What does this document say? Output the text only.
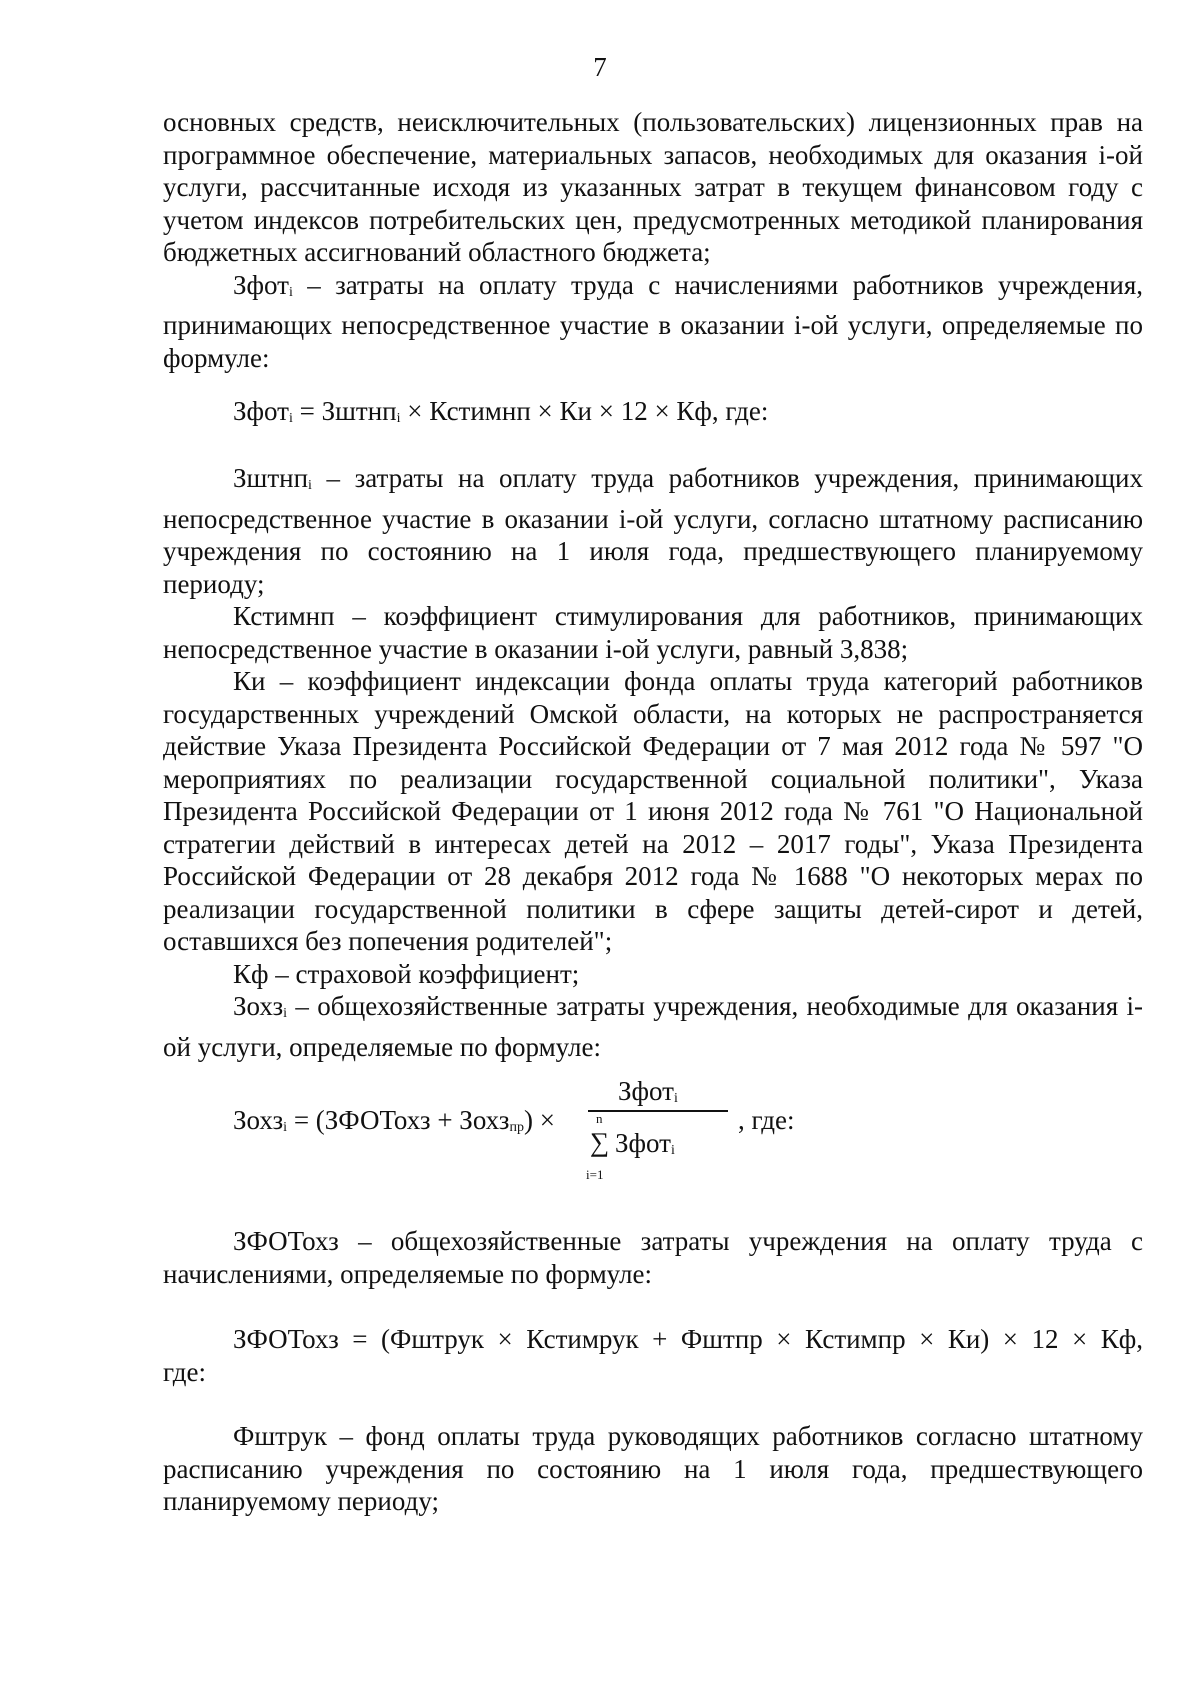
7

основных средств, неисключительных (пользовательских) лицензионных прав на программное обеспечение, материальных запасов, необходимых для оказания i-ой услуги, рассчитанные исходя из указанных затрат в текущем финансовом году с учетом индексов потребительских цен, предусмотренных методикой планирования бюджетных ассигнований областного бюджета;

Зфотi – затраты на оплату труда с начислениями работников учреждения, принимающих непосредственное участие в оказании i-ой услуги, определяемые по формуле:

Зфотi = Зштнпi × Кстимнп × Ки × 12 × Кф, где:

Зштнпi – затраты на оплату труда работников учреждения, принимающих непосредственное участие в оказании i-ой услуги, согласно штатному расписанию учреждения по состоянию на 1 июля года, предшествующего планируемому периоду;

Кстимнп – коэффициент стимулирования для работников, принимающих непосредственное участие в оказании i-ой услуги, равный 3,838;

Ки – коэффициент индексации фонда оплаты труда категорий работников государственных учреждений Омской области, на которых не распространяется действие Указа Президента Российской Федерации от 7 мая 2012 года № 597 "О мероприятиях по реализации государственной социальной политики", Указа Президента Российской Федерации от 1 июня 2012 года № 761 "О Национальной стратегии действий в интересах детей на 2012 – 2017 годы", Указа Президента Российской Федерации от 28 декабря 2012 года № 1688 "О некоторых мерах по реализации государственной политики в сфере защиты детей-сирот и детей, оставшихся без попечения родителей";

Кф – страховой коэффициент;

Зохзi – общехозяйственные затраты учреждения, необходимые для оказания i-ой услуги, определяемые по формуле:

Зохзi = (ЗФОТохз + Зохзпр) ×
Зфотi
, где:
n
∑ Зфотi
i=1

ЗФОТохз – общехозяйственные затраты учреждения на оплату труда с начислениями, определяемые по формуле:

ЗФОТохз = (Фштрук × Кстимрук + Фштпр × Кстимпр × Ки) × 12 × Кф,

где:

Фштрук – фонд оплаты труда руководящих работников согласно штатному расписанию учреждения по состоянию на 1 июля года, предшествующего планируемому периоду;
